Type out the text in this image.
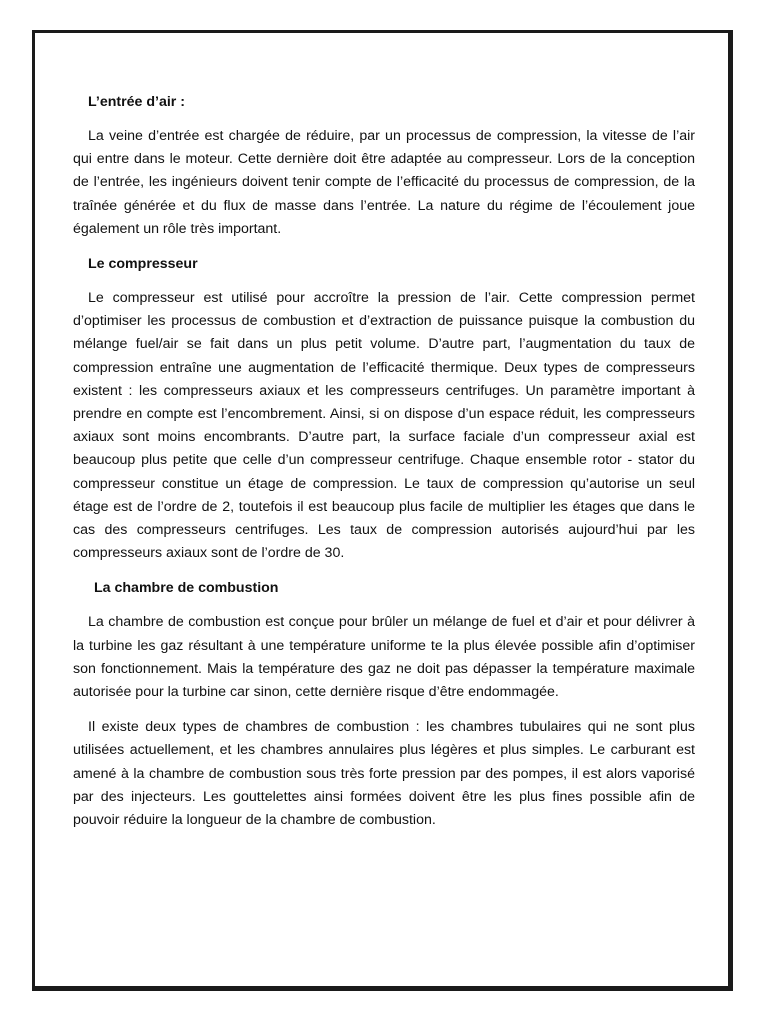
L’entrée d’air :

La veine d’entrée est chargée de réduire, par un processus de compression, la vitesse de l’air qui entre dans le moteur. Cette dernière doit être adaptée au compresseur. Lors de la conception de l’entrée, les ingénieurs doivent tenir compte de l’efficacité du processus de compression, de la traînée générée et du flux de masse dans l’entrée. La nature du régime de l’écoulement joue également un rôle très important.

Le compresseur

Le compresseur est utilisé pour accroître la pression de l’air. Cette compression permet d’optimiser les processus de combustion et d’extraction de puissance puisque la combustion du mélange fuel/air se fait dans un plus petit volume. D’autre part, l’augmentation du taux de compression entraîne une augmentation de l’efficacité thermique. Deux types de compresseurs existent : les compresseurs axiaux et les compresseurs centrifuges. Un paramètre important à prendre en compte est l’encombrement. Ainsi, si on dispose d’un espace réduit, les compresseurs axiaux sont moins encombrants. D’autre part, la surface faciale d’un compresseur axial est beaucoup plus petite que celle d’un compresseur centrifuge. Chaque ensemble rotor - stator du compresseur constitue un étage de compression. Le taux de compression qu’autorise un seul étage est de l’ordre de 2, toutefois il est beaucoup plus facile de multiplier les étages que dans le cas des compresseurs centrifuges. Les taux de compression autorisés aujourd’hui par les compresseurs axiaux sont de l’ordre de 30.

La chambre de combustion

La chambre de combustion est conçue pour brûler un mélange de fuel et d’air et pour délivrer à la turbine les gaz résultant à une température uniforme te la plus élevée possible afin d’optimiser son fonctionnement. Mais la température des gaz ne doit pas dépasser la température maximale autorisée pour la turbine car sinon, cette dernière risque d’être endommagée.

Il existe deux types de chambres de combustion : les chambres tubulaires qui ne sont plus utilisées actuellement, et les chambres annulaires plus légères et plus simples. Le carburant est amené à la chambre de combustion sous très forte pression par des pompes, il est alors vaporisé par des injecteurs. Les gouttelettes ainsi formées doivent être les plus fines possible afin de pouvoir réduire la longueur de la chambre de combustion.
